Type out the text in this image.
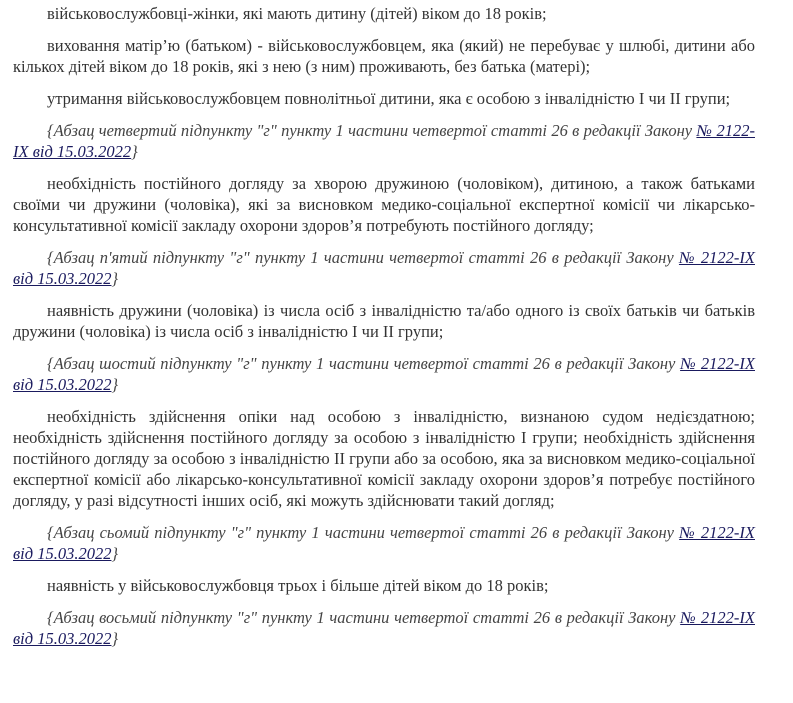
військовослужбовці-жінки, які мають дитину (дітей) віком до 18 років;

виховання матір’ю (батьком) - військовослужбовцем, яка (який) не перебуває у шлюбі, дитини або кількох дітей віком до 18 років, які з нею (з ним) проживають, без батька (матері);

утримання військовослужбовцем повнолітньої дитини, яка є особою з інвалідністю I чи II групи;

{Абзац четвертий підпункту "г" пункту 1 частини четвертої статті 26 в редакції Закону № 2122-IX від 15.03.2022}

необхідність постійного догляду за хворою дружиною (чоловіком), дитиною, а також батьками своїми чи дружини (чоловіка), які за висновком медико-соціальної експертної комісії чи лікарсько-консультативної комісії закладу охорони здоров’я потребують постійного догляду;

{Абзац п'ятий підпункту "г" пункту 1 частини четвертої статті 26 в редакції Закону № 2122-IX від 15.03.2022}

наявність дружини (чоловіка) із числа осіб з інвалідністю та/або одного із своїх батьків чи батьків дружини (чоловіка) із числа осіб з інвалідністю I чи II групи;

{Абзац шостий підпункту "г" пункту 1 частини четвертої статті 26 в редакції Закону № 2122-IX від 15.03.2022}

необхідність здійснення опіки над особою з інвалідністю, визнаною судом недієздатною; необхідність здійснення постійного догляду за особою з інвалідністю I групи; необхідність здійснення постійного догляду за особою з інвалідністю II групи або за особою, яка за висновком медико-соціальної експертної комісії або лікарсько-консультативної комісії закладу охорони здоров’я потребує постійного догляду, у разі відсутності інших осіб, які можуть здійснювати такий догляд;

{Абзац сьомий підпункту "г" пункту 1 частини четвертої статті 26 в редакції Закону № 2122-IX від 15.03.2022}

наявність у військовослужбовця трьох і більше дітей віком до 18 років;

{Абзац восьмий підпункту "г" пункту 1 частини четвертої статті 26 в редакції Закону № 2122-IX від 15.03.2022}
